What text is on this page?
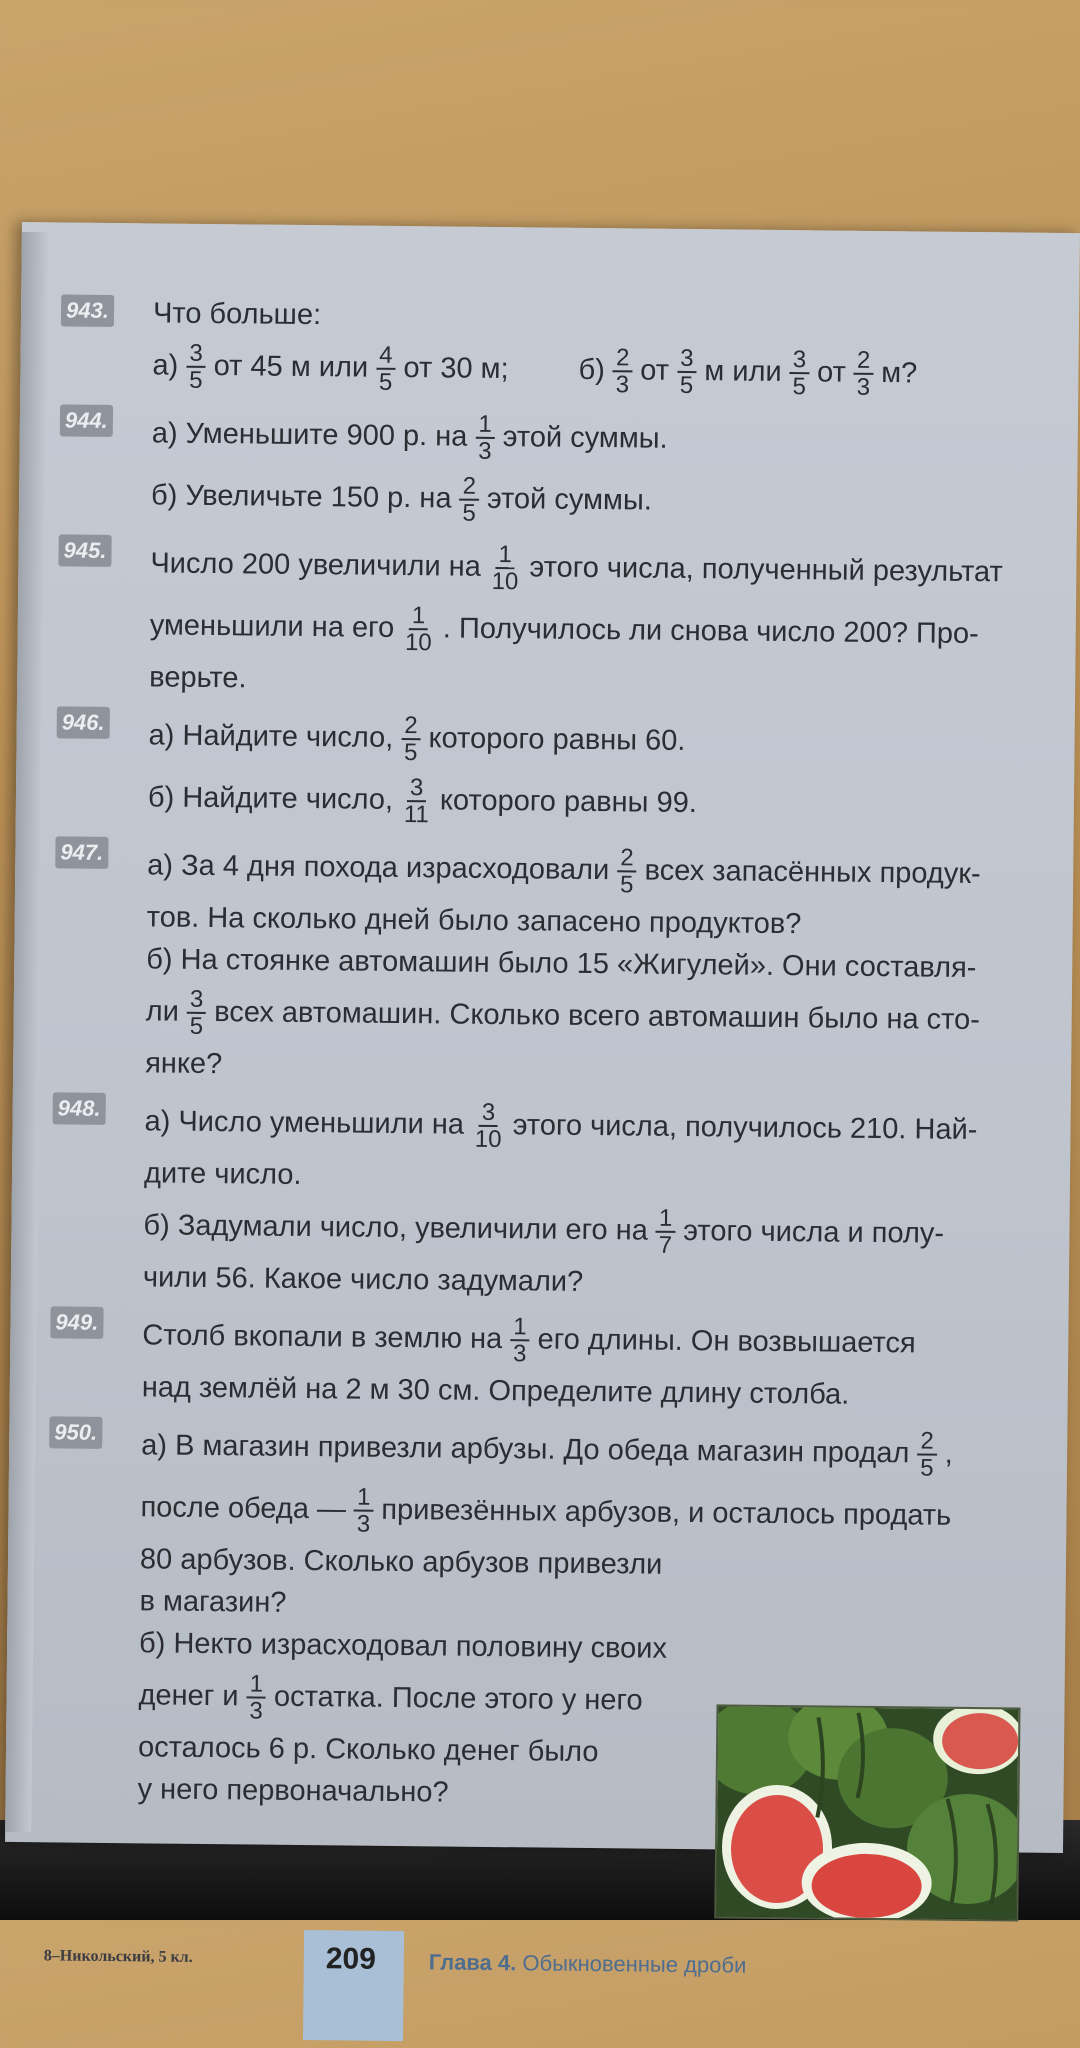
943. Что больше:
$а) \frac{3}{5}$ от 45 м или $\frac{4}{5}$ от 30 м; $б) \frac{2}{3}$ от $\frac{3}{5}$ м или $\frac{3}{5}$ от $\frac{2}{3} м$?
944. а) Уменьшите 900 р. на $\frac{1}{3}$ этой суммы.
б) Увеличьте 150 р. на $\frac{2}{5}$ этой суммы.
945. Число 200 увеличили на $\frac{1}{10}$ этого числа, полученный результат
уменьшили на его $\frac{1}{10}$ . Получилось ли снова число 200? Про-
верьте.
946. а) Найдите число, $\frac{2}{5}$ которого равны 60.
б) Найдите число, $\frac{3}{11}$ которого равны 99.
947. а) За 4 дня похода израсходовали $\frac{2}{5}$ всех запасённых продук-
тов. На сколько дней было запасено продуктов?
б) На стоянке автомашин было 15 «Жигулей». Они составля-
ли $\frac{3}{5}$ всех автомашин. Сколько всего автомашин было на сто-
янке?
948. а) Число уменьшили на $\frac{3}{10}$ этого числа, получилось 210. Най-
дите число.
б) Задумали число, увеличили его на $\frac{1}{7}$ этого числа и полу-
чили 56. Какое число задумали?
949. Столб вкопали в землю на $\frac{1}{3}$ его длины. Он возвышается
над землёй на 2 м 30 см. Определите длину столба.
950. а) В магазин привезли арбузы. До обеда магазин продал $\frac{2}{5}$ ,
после обеда — $\frac{1}{3}$ привезённых арбузов, и осталось продать
80 арбузов. Сколько арбузов привезли
в магазин?
б) Некто израсходовал половину своих
денег и $\frac{1}{3}$ остатка. После этого у него
осталось 6 р. Сколько денег было
у него первоначально?
8–Никольский, 5 кл.	209 Глава 4. Обыкновенные дроби
